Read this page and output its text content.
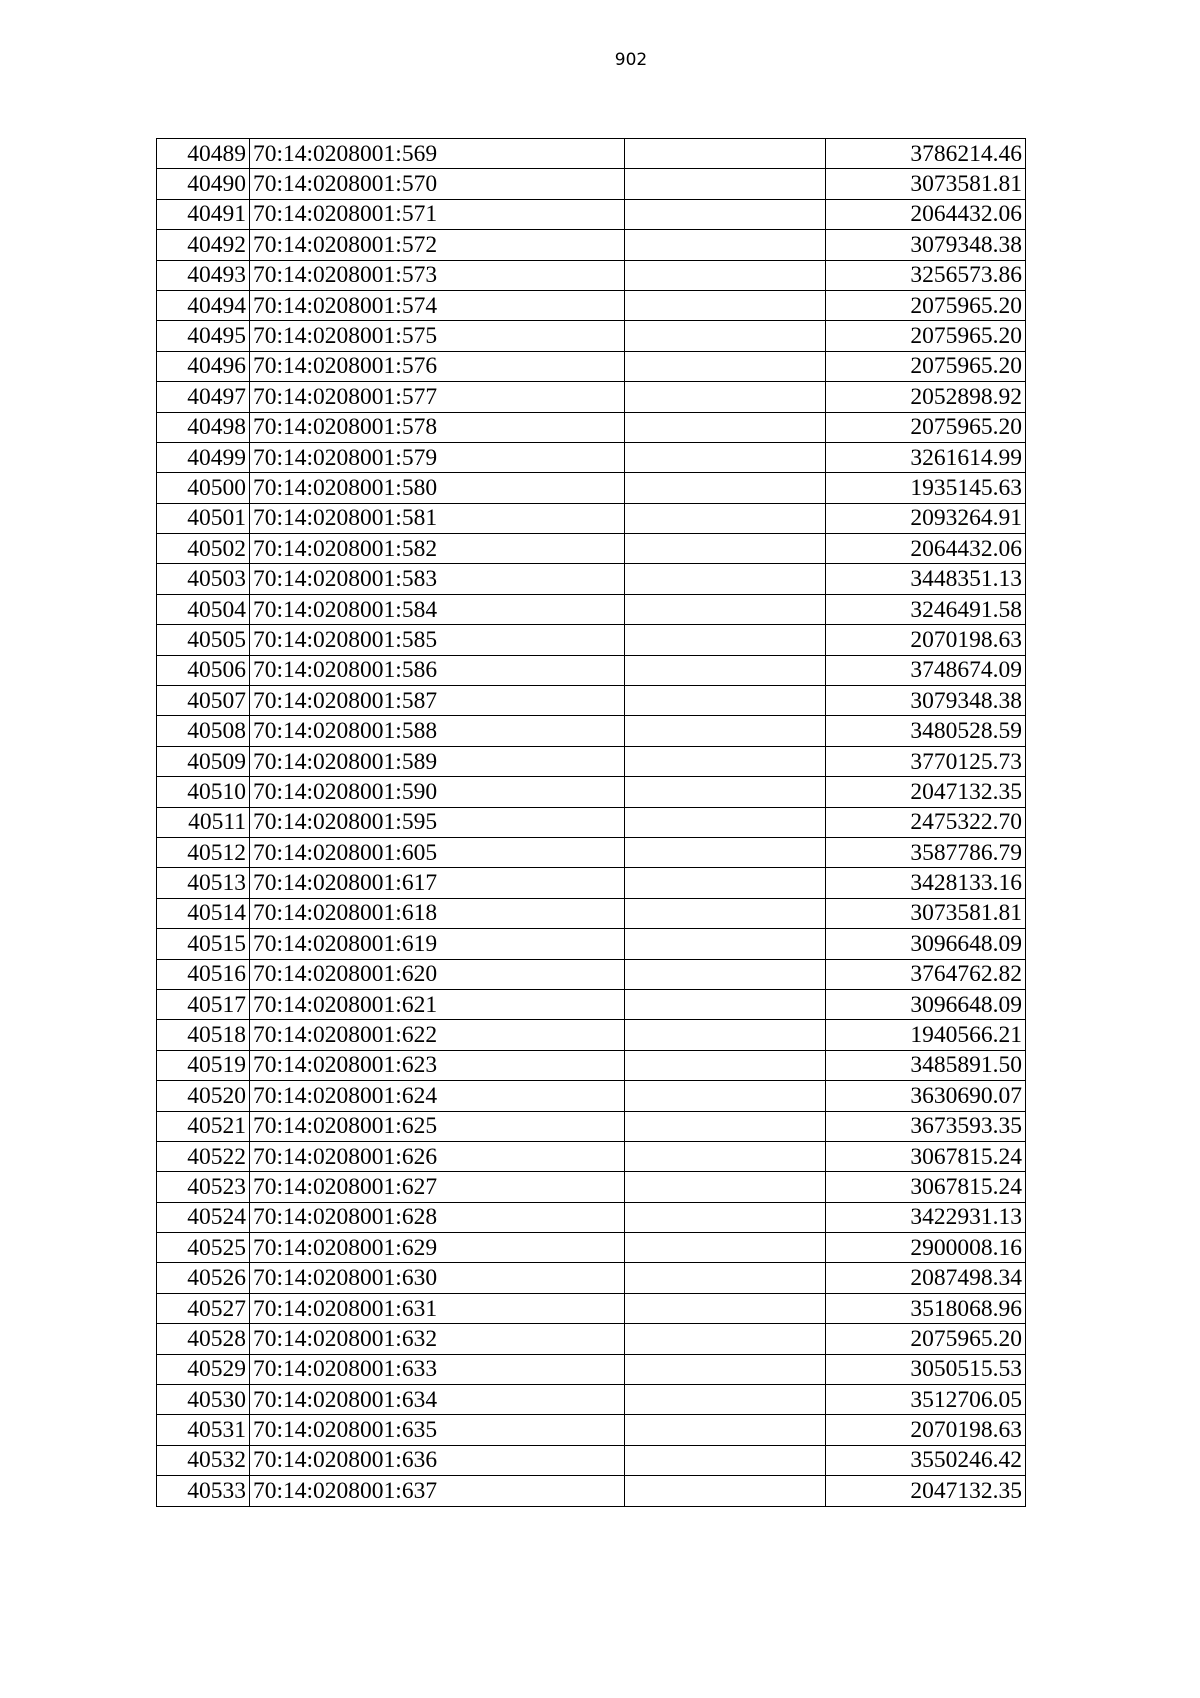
902
40489	70:14:0208001:569		3786214.46
40490	70:14:0208001:570		3073581.81
40491	70:14:0208001:571		2064432.06
40492	70:14:0208001:572		3079348.38
40493	70:14:0208001:573		3256573.86
40494	70:14:0208001:574		2075965.20
40495	70:14:0208001:575		2075965.20
40496	70:14:0208001:576		2075965.20
40497	70:14:0208001:577		2052898.92
40498	70:14:0208001:578		2075965.20
40499	70:14:0208001:579		3261614.99
40500	70:14:0208001:580		1935145.63
40501	70:14:0208001:581		2093264.91
40502	70:14:0208001:582		2064432.06
40503	70:14:0208001:583		3448351.13
40504	70:14:0208001:584		3246491.58
40505	70:14:0208001:585		2070198.63
40506	70:14:0208001:586		3748674.09
40507	70:14:0208001:587		3079348.38
40508	70:14:0208001:588		3480528.59
40509	70:14:0208001:589		3770125.73
40510	70:14:0208001:590		2047132.35
40511	70:14:0208001:595		2475322.70
40512	70:14:0208001:605		3587786.79
40513	70:14:0208001:617		3428133.16
40514	70:14:0208001:618		3073581.81
40515	70:14:0208001:619		3096648.09
40516	70:14:0208001:620		3764762.82
40517	70:14:0208001:621		3096648.09
40518	70:14:0208001:622		1940566.21
40519	70:14:0208001:623		3485891.50
40520	70:14:0208001:624		3630690.07
40521	70:14:0208001:625		3673593.35
40522	70:14:0208001:626		3067815.24
40523	70:14:0208001:627		3067815.24
40524	70:14:0208001:628		3422931.13
40525	70:14:0208001:629		2900008.16
40526	70:14:0208001:630		2087498.34
40527	70:14:0208001:631		3518068.96
40528	70:14:0208001:632		2075965.20
40529	70:14:0208001:633		3050515.53
40530	70:14:0208001:634		3512706.05
40531	70:14:0208001:635		2070198.63
40532	70:14:0208001:636		3550246.42
40533	70:14:0208001:637		2047132.35
